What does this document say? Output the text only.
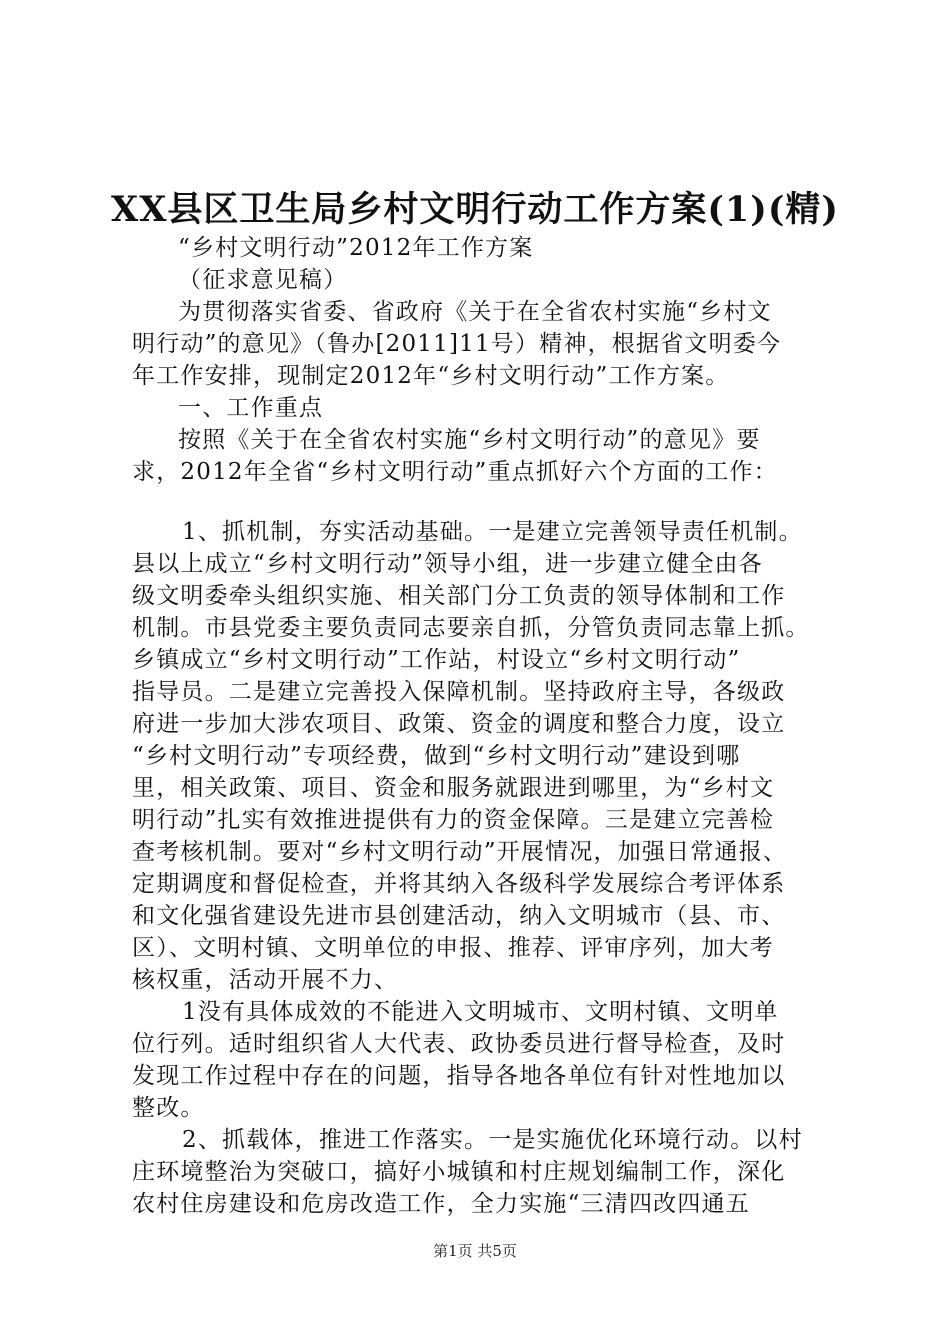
XX县区卫生局乡村文明行动工作方案(1)(精)
“乡村文明行动”2012年工作方案
（征求意见稿）
为贯彻落实省委、省政府《关于在全省农村实施“乡村文
明行动”的意见》（鲁办[2011]11号）精神，根据省文明委今
年工作安排，现制定2012年“乡村文明行动”工作方案。
一、工作重点
按照《关于在全省农村实施“乡村文明行动”的意见》要
求，2012年全省“乡村文明行动”重点抓好六个方面的工作：
1、抓机制，夯实活动基础。一是建立完善领导责任机制。
县以上成立“乡村文明行动”领导小组，进一步建立健全由各
级文明委牵头组织实施、相关部门分工负责的领导体制和工作
机制。市县党委主要负责同志要亲自抓，分管负责同志靠上抓。
乡镇成立“乡村文明行动”工作站，村设立“乡村文明行动”
指导员。二是建立完善投入保障机制。坚持政府主导，各级政
府进一步加大涉农项目、政策、资金的调度和整合力度，设立
“乡村文明行动”专项经费，做到“乡村文明行动”建设到哪
里，相关政策、项目、资金和服务就跟进到哪里，为“乡村文
明行动”扎实有效推进提供有力的资金保障。三是建立完善检
查考核机制。要对“乡村文明行动”开展情况，加强日常通报、
定期调度和督促检查，并将其纳入各级科学发展综合考评体系
和文化强省建设先进市县创建活动，纳入文明城市（县、市、
区）、文明村镇、文明单位的申报、推荐、评审序列，加大考
核权重，活动开展不力、
1没有具体成效的不能进入文明城市、文明村镇、文明单
位行列。适时组织省人大代表、政协委员进行督导检查，及时
发现工作过程中存在的问题，指导各地各单位有针对性地加以
整改。
2、抓载体，推进工作落实。一是实施优化环境行动。以村
庄环境整治为突破口，搞好小城镇和村庄规划编制工作，深化
农村住房建设和危房改造工作，全力实施“三清四改四通五
第1页 共5页
